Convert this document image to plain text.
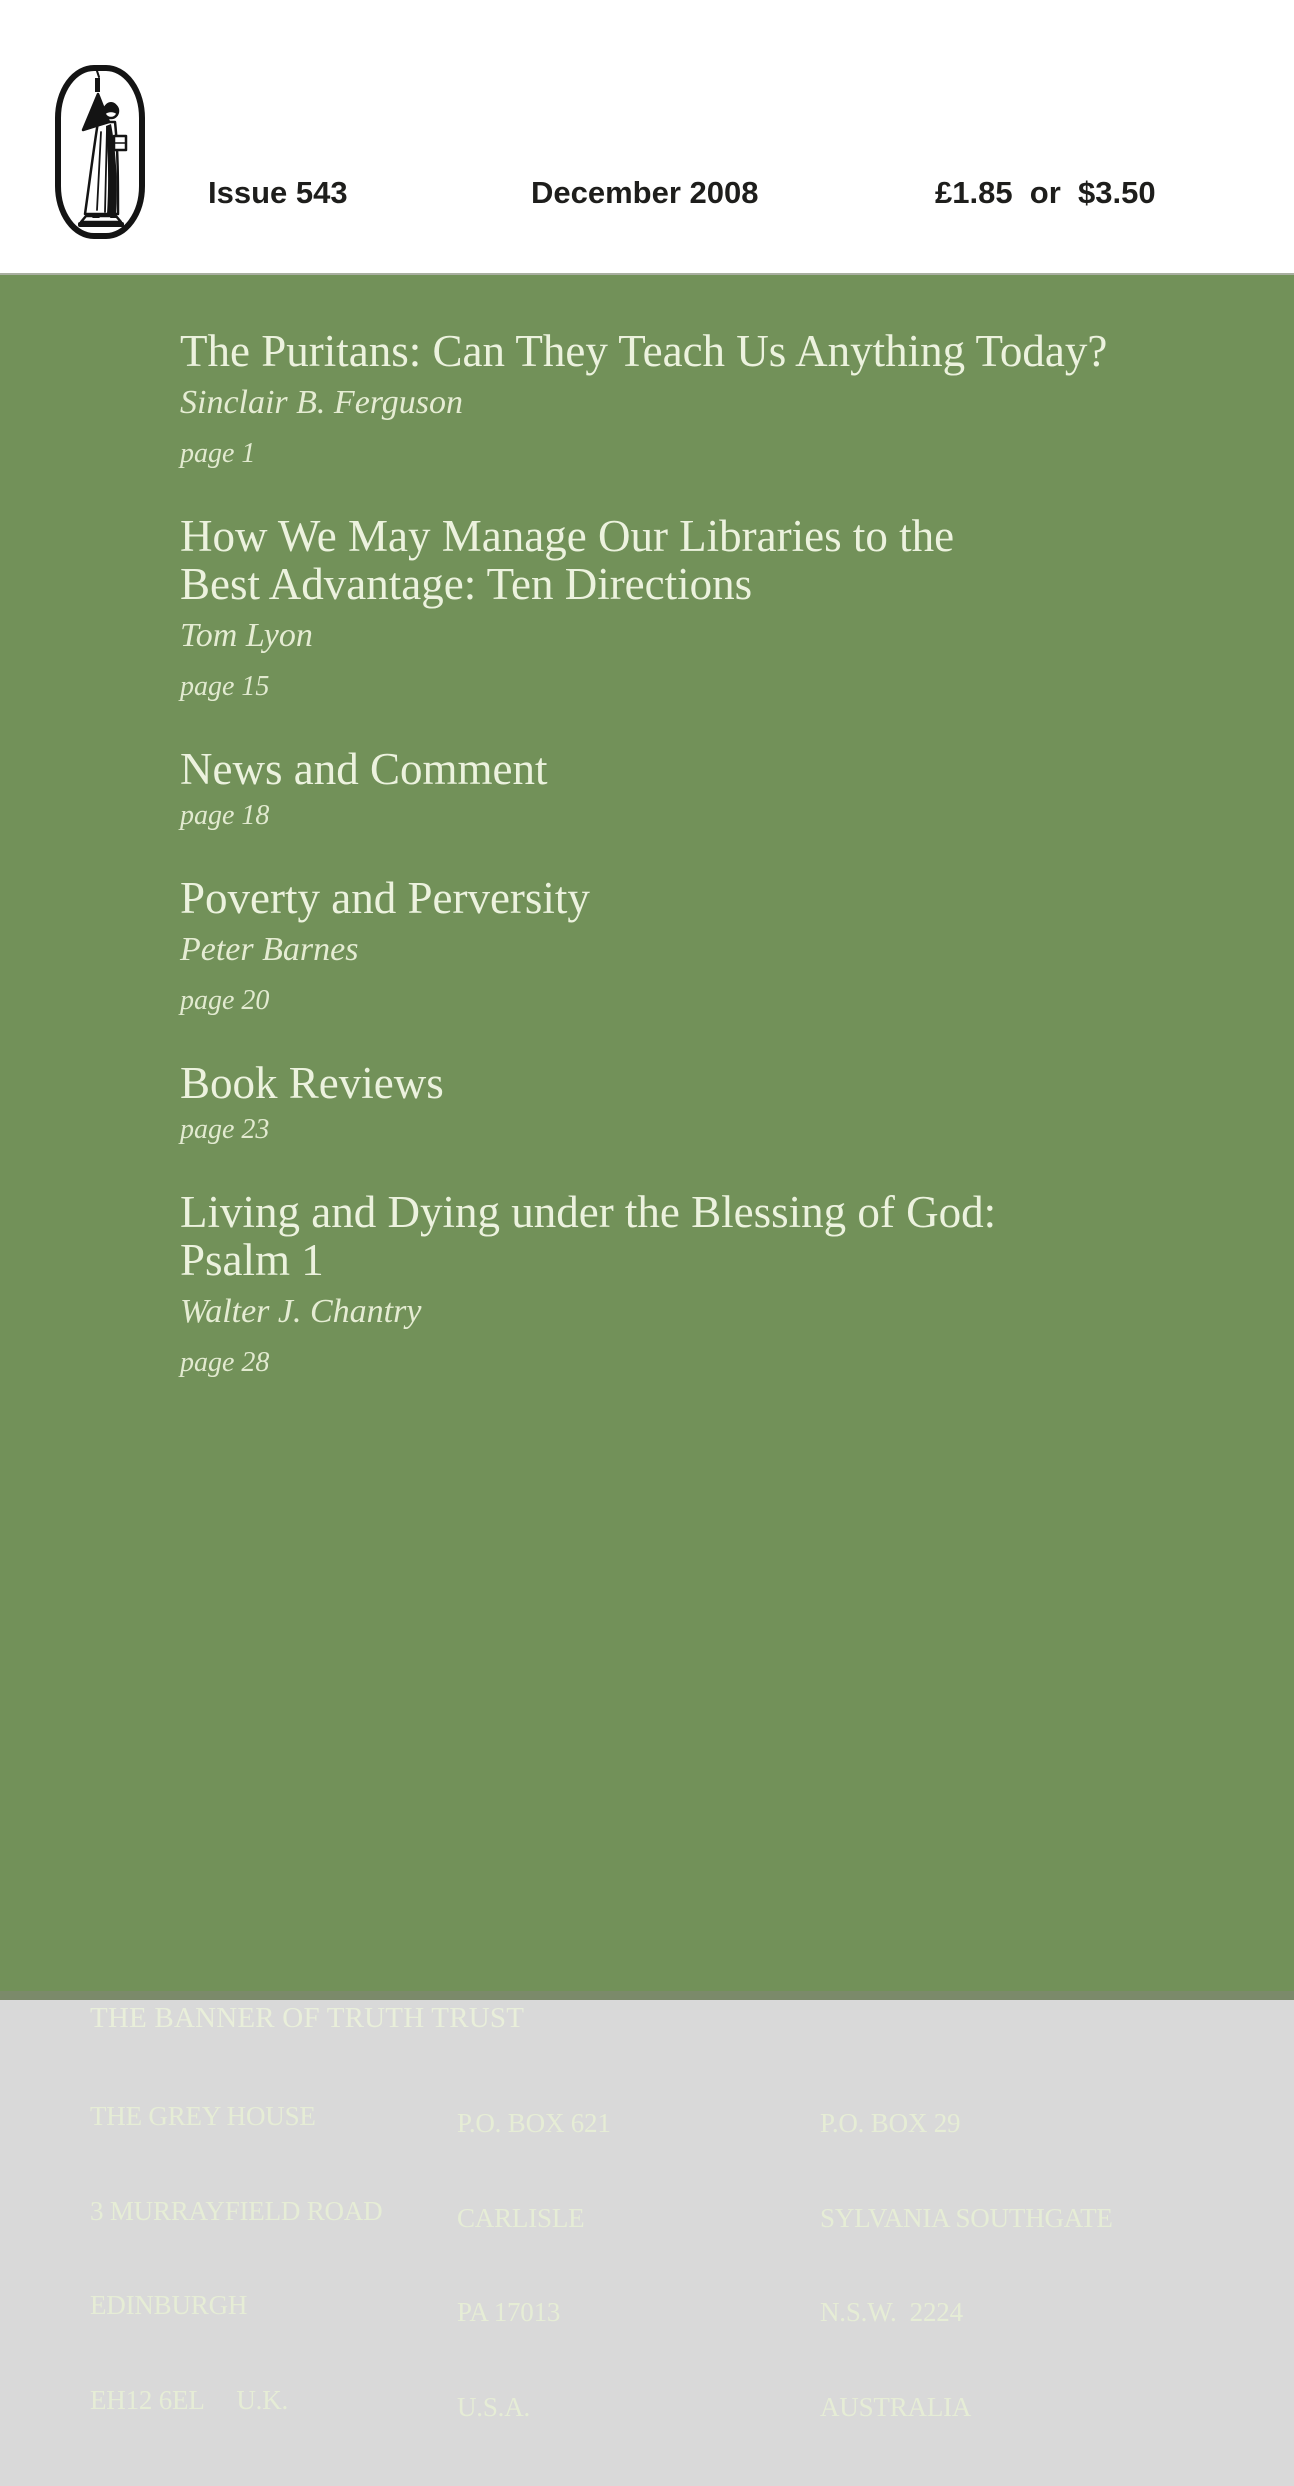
Issue 543	December 2008	£1.85  or  $3.50
The Puritans: Can They Teach Us Anything Today?
Sinclair B. Ferguson
page 1
How We May Manage Our Libraries to the
Best Advantage: Ten Directions
Tom Lyon
page 15
News and Comment
page 18
Poverty and Perversity
Peter Barnes
page 20
Book Reviews
page 23
Living and Dying under the Blessing of God:
Psalm 1
Walter J. Chantry
page 28
THE BANNER OF TRUTH TRUST

THE GREY HOUSE

3 MURRAYFIELD ROAD

EDINBURGH

EH12 6EL     U.K.

P.O. BOX 621

CARLISLE

PA 17013

U.S.A.

P.O. BOX 29

SYLVANIA SOUTHGATE

N.S.W.  2224

AUSTRALIA
